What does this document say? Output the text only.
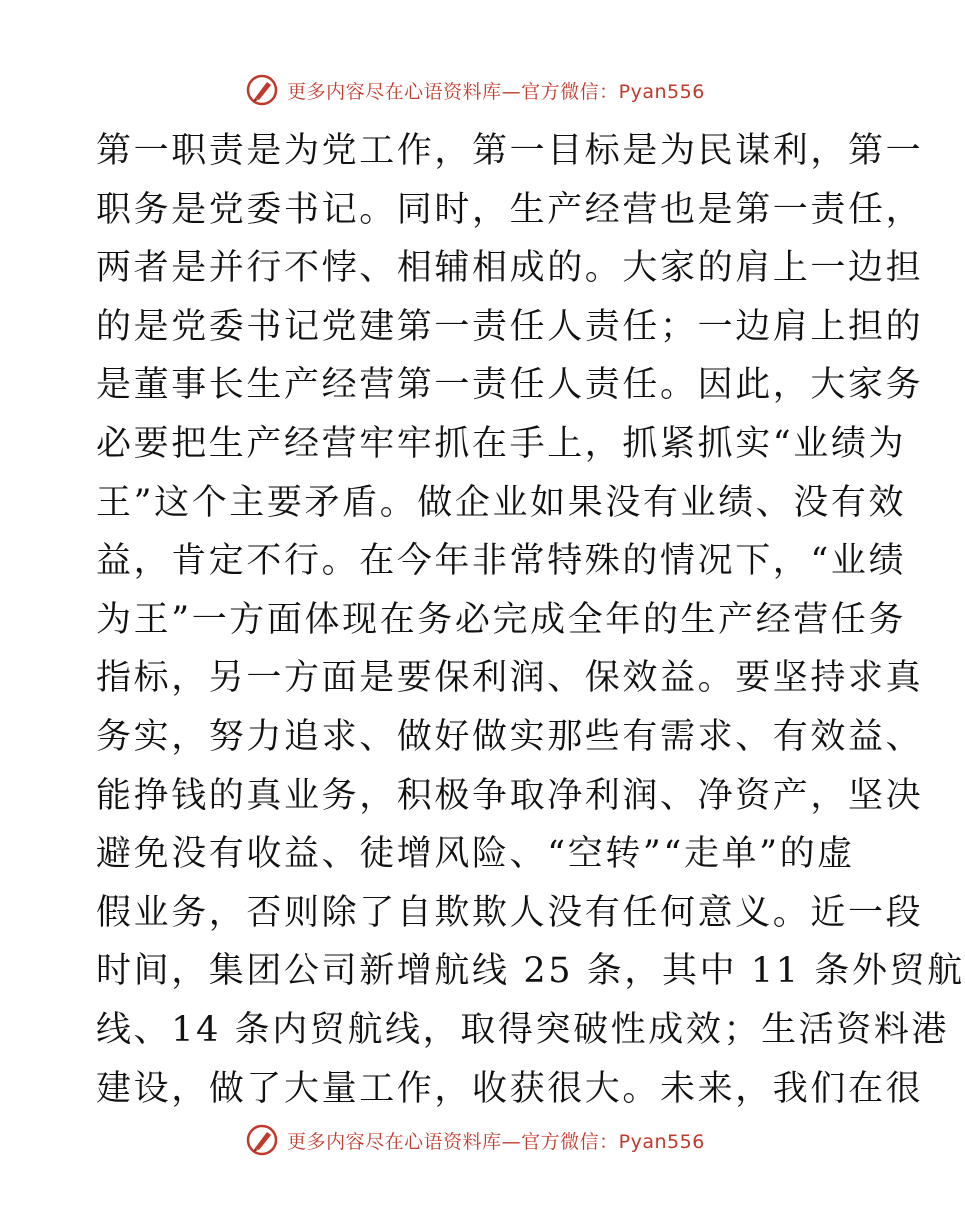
更多内容尽在心语资料库—官方微信：Pyan556
第一职责是为党工作，第一目标是为民谋利，第一
职务是党委书记。同时，生产经营也是第一责任，
两者是并行不悖、相辅相成的。大家的肩上一边担
的是党委书记党建第一责任人责任；一边肩上担的
是董事长生产经营第一责任人责任。因此，大家务
必要把生产经营牢牢抓在手上，抓紧抓实“业绩为
王”这个主要矛盾。做企业如果没有业绩、没有效
益，肯定不行。在今年非常特殊的情况下，“业绩
为王”一方面体现在务必完成全年的生产经营任务
指标，另一方面是要保利润、保效益。要坚持求真
务实，努力追求、做好做实那些有需求、有效益、
能挣钱的真业务，积极争取净利润、净资产，坚决
避免没有收益、徒增风险、“空转”“走单”的虚
假业务，否则除了自欺欺人没有任何意义。近一段
时间，集团公司新增航线 25 条，其中 11 条外贸航
线、14 条内贸航线，取得突破性成效；生活资料港
建设，做了大量工作，收获很大。未来，我们在很
更多内容尽在心语资料库—官方微信：Pyan556
